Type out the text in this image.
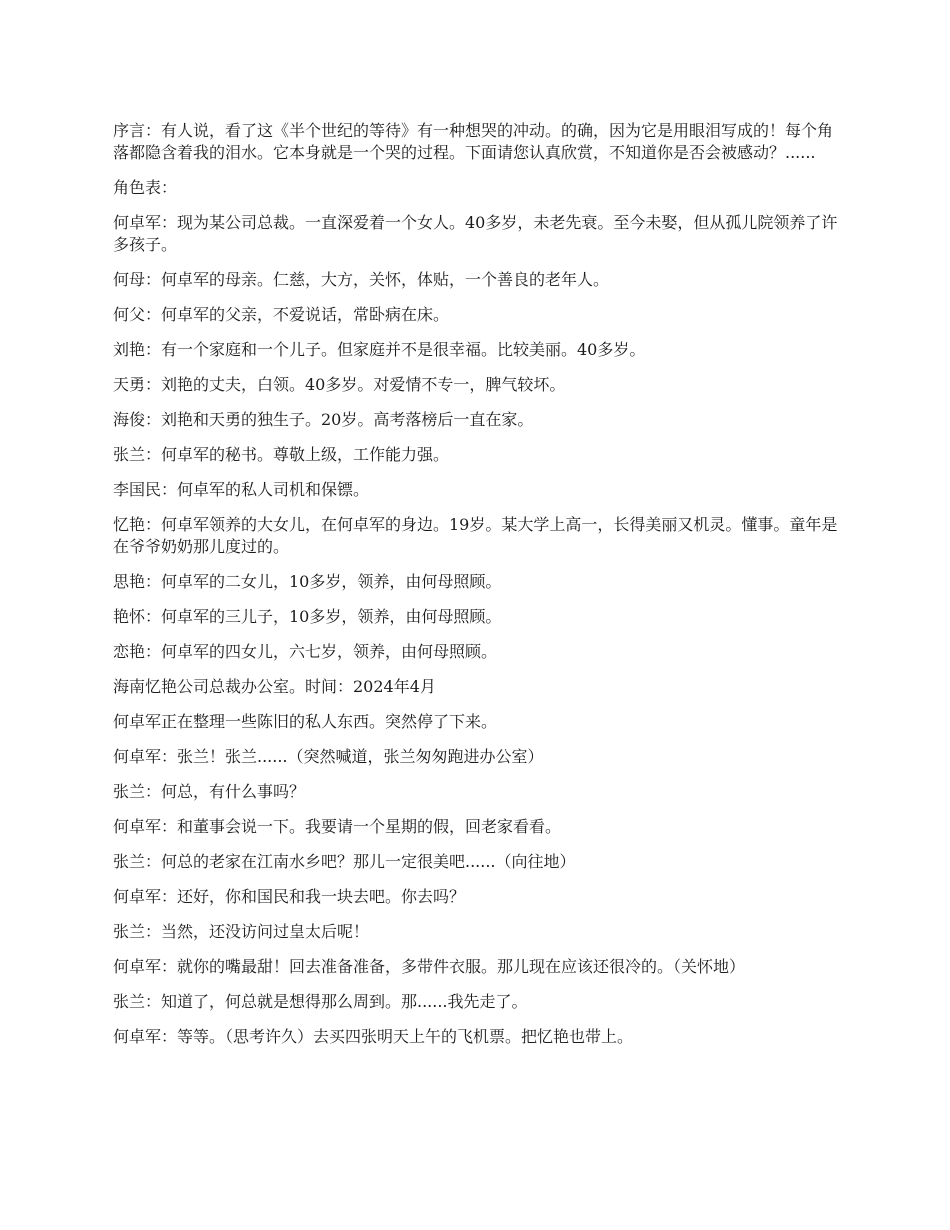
序言：有人说，看了这《半个世纪的等待》有一种想哭的冲动。的确，因为它是用眼泪写成的！每个角落都隐含着我的泪水。它本身就是一个哭的过程。下面请您认真欣赏，不知道你是否会被感动？......

角色表：

何卓军：现为某公司总裁。一直深爱着一个女人。40多岁，未老先衰。至今未娶，但从孤儿院领养了许多孩子。

何母：何卓军的母亲。仁慈，大方，关怀，体贴，一个善良的老年人。

何父：何卓军的父亲，不爱说话，常卧病在床。

刘艳：有一个家庭和一个儿子。但家庭并不是很幸福。比较美丽。40多岁。

天勇：刘艳的丈夫，白领。40多岁。对爱情不专一，脾气较坏。

海俊：刘艳和天勇的独生子。20岁。高考落榜后一直在家。

张兰：何卓军的秘书。尊敬上级，工作能力强。

李国民：何卓军的私人司机和保镖。

忆艳：何卓军领养的大女儿，在何卓军的身边。19岁。某大学上高一，长得美丽又机灵。懂事。童年是在爷爷奶奶那儿度过的。

思艳：何卓军的二女儿，10多岁，领养，由何母照顾。

艳怀：何卓军的三儿子，10多岁，领养，由何母照顾。

恋艳：何卓军的四女儿，六七岁，领养，由何母照顾。

海南忆艳公司总裁办公室。时间：2024年4月

何卓军正在整理一些陈旧的私人东西。突然停了下来。

何卓军：张兰！张兰......（突然喊道，张兰匆匆跑进办公室）

张兰：何总，有什么事吗？

何卓军：和董事会说一下。我要请一个星期的假，回老家看看。

张兰：何总的老家在江南水乡吧？那儿一定很美吧......（向往地）

何卓军：还好，你和国民和我一块去吧。你去吗？

张兰：当然，还没访问过皇太后呢！

何卓军：就你的嘴最甜！回去准备准备，多带件衣服。那儿现在应该还很冷的。（关怀地）

张兰：知道了，何总就是想得那么周到。那......我先走了。

何卓军：等等。（思考许久）去买四张明天上午的飞机票。把忆艳也带上。
